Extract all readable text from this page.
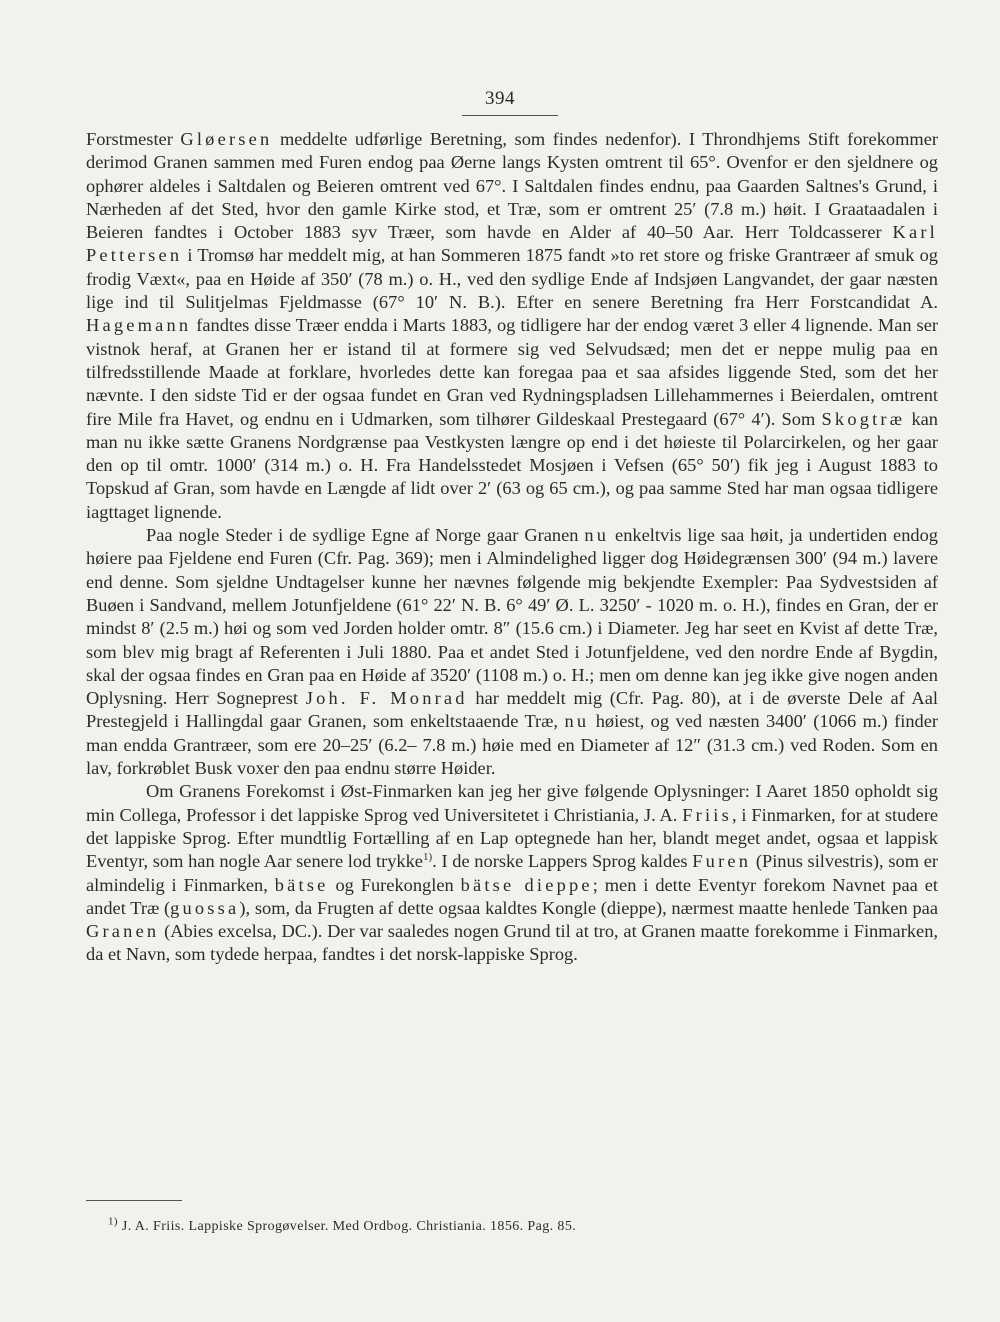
394

Forstmester Gløersen meddelte udførlige Beretning, som findes nedenfor). I Throndhjems Stift forekommer derimod Granen sammen med Furen endog paa Øerne langs Kysten omtrent til 65°. Ovenfor er den sjeldnere og ophører aldeles i Saltdalen og Beieren omtrent ved 67°. I Saltdalen findes endnu, paa Gaarden Saltnes's Grund, i Nærheden af det Sted, hvor den gamle Kirke stod, et Træ, som er omtrent 25′ (7.8 m.) høit. I Graataadalen i Beieren fandtes i October 1883 syv Træer, som havde en Alder af 40–50 Aar. Herr Toldcasserer Karl Pettersen i Tromsø har meddelt mig, at han Sommeren 1875 fandt »to ret store og friske Grantræer af smuk og frodig Væxt«, paa en Høide af 350′ (78 m.) o. H., ved den sydlige Ende af Indsjøen Langvandet, der gaar næsten lige ind til Sulitjelmas Fjeldmasse (67° 10′ N. B.). Efter en senere Beretning fra Herr Forstcandidat A. Hagemann fandtes disse Træer endda i Marts 1883, og tidligere har der endog været 3 eller 4 lignende. Man ser vistnok heraf, at Granen her er istand til at formere sig ved Selvudsæd; men det er neppe mulig paa en tilfredsstillende Maade at forklare, hvorledes dette kan foregaa paa et saa afsides liggende Sted, som det her nævnte. I den sidste Tid er der ogsaa fundet en Gran ved Rydningspladsen Lillehammernes i Beierdalen, omtrent fire Mile fra Havet, og endnu en i Udmarken, som tilhører Gildeskaal Prestegaard (67° 4′). Som Skogtræ kan man nu ikke sætte Granens Nordgrænse paa Vestkysten længre op end i det høieste til Polarcirkelen, og her gaar den op til omtr. 1000′ (314 m.) o. H. Fra Handelsstedet Mosjøen i Vefsen (65° 50′) fik jeg i August 1883 to Topskud af Gran, som havde en Længde af lidt over 2′ (63 og 65 cm.), og paa samme Sted har man ogsaa tidligere iagttaget lignende.

Paa nogle Steder i de sydlige Egne af Norge gaar Granen nu enkeltvis lige saa høit, ja undertiden endog høiere paa Fjeldene end Furen (Cfr. Pag. 369); men i Almindelighed ligger dog Høidegrænsen 300′ (94 m.) lavere end denne. Som sjeldne Undtagelser kunne her nævnes følgende mig bekjendte Exempler: Paa Sydvestsiden af Buøen i Sandvand, mellem Jotunfjeldene (61° 22′ N. B. 6° 49′ Ø. L. 3250′ - 1020 m. o. H.), findes en Gran, der er mindst 8′ (2.5 m.) høi og som ved Jorden holder omtr. 8″ (15.6 cm.) i Diameter. Jeg har seet en Kvist af dette Træ, som blev mig bragt af Referenten i Juli 1880. Paa et andet Sted i Jotunfjeldene, ved den nordre Ende af Bygdin, skal der ogsaa findes en Gran paa en Høide af 3520′ (1108 m.) o. H.; men om denne kan jeg ikke give nogen anden Oplysning. Herr Sogneprest Joh. F. Monrad har meddelt mig (Cfr. Pag. 80), at i de øverste Dele af Aal Prestegjeld i Hallingdal gaar Granen, som enkeltstaaende Træ, nu høiest, og ved næsten 3400′ (1066 m.) finder man endda Grantræer, som ere 20–25′ (6.2– 7.8 m.) høie med en Diameter af 12″ (31.3 cm.) ved Roden. Som en lav, forkrøblet Busk voxer den paa endnu større Høider.

Om Granens Forekomst i Øst-Finmarken kan jeg her give følgende Oplysninger: I Aaret 1850 opholdt sig min Collega, Professor i det lappiske Sprog ved Universitetet i Christiania, J. A. Friis, i Finmarken, for at studere det lappiske Sprog. Efter mundtlig Fortælling af en Lap optegnede han her, blandt meget andet, ogsaa et lappisk Eventyr, som han nogle Aar senere lod trykke$^{1)}$. I de norske Lappers Sprog kaldes Furen (Pinus silvestris), som er almindelig i Finmarken, bätse og Furekonglen bätse dieppe; men i dette Eventyr forekom Navnet paa et andet Træ (guossa), som, da Frugten af dette ogsaa kaldtes Kongle (dieppe), nærmest maatte henlede Tanken paa Granen (Abies excelsa, DC.). Der var saaledes nogen Grund til at tro, at Granen maatte forekomme i Finmarken, da et Navn, som tydede herpaa, fandtes i det norsk-lappiske Sprog.

$^{1)}$ J. A. Friis. Lappiske Sprogøvelser. Med Ordbog. Christiania. 1856. Pag. 85.
